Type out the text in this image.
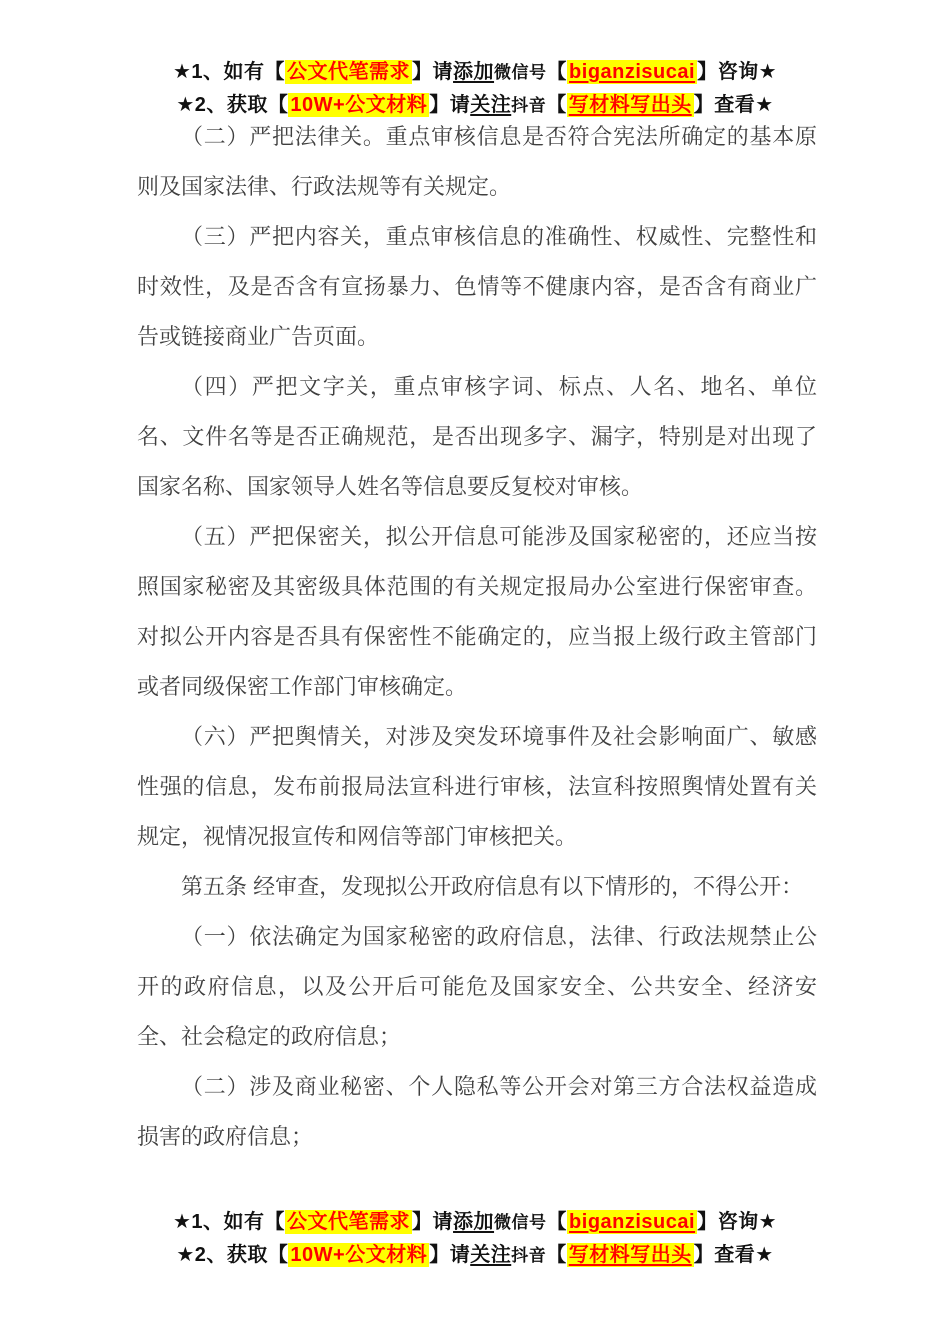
★1、如有【 公文代笔需求 】请添加微信号【 biganzisucai 】咨询★
★2、获取【 10W+公文材料 】请关注抖音【 写材料写出头 】查看★

（二）严把法律关。重点审核信息是否符合宪法所确定的基本原则及国家法律、行政法规等有关规定。

（三）严把内容关，重点审核信息的准确性、权威性、完整性和时效性，及是否含有宣扬暴力、色情等不健康内容，是否含有商业广告或链接商业广告页面。

（四）严把文字关，重点审核字词、标点、人名、地名、单位名、文件名等是否正确规范，是否出现多字、漏字，特别是对出现了国家名称、国家领导人姓名等信息要反复校对审核。

（五）严把保密关，拟公开信息可能涉及国家秘密的，还应当按照国家秘密及其密级具体范围的有关规定报局办公室进行保密审查。对拟公开内容是否具有保密性不能确定的，应当报上级行政主管部门或者同级保密工作部门审核确定。

（六）严把舆情关，对涉及突发环境事件及社会影响面广、敏感性强的信息，发布前报局法宣科进行审核，法宣科按照舆情处置有关规定，视情况报宣传和网信等部门审核把关。

第五条 经审查，发现拟公开政府信息有以下情形的，不得公开：

（一）依法确定为国家秘密的政府信息，法律、行政法规禁止公开的政府信息，以及公开后可能危及国家安全、公共安全、经济安全、社会稳定的政府信息；

（二）涉及商业秘密、个人隐私等公开会对第三方合法权益造成损害的政府信息；

★1、如有【 公文代笔需求 】请添加微信号【 biganzisucai 】咨询★
★2、获取【 10W+公文材料 】请关注抖音【 写材料写出头 】查看★
